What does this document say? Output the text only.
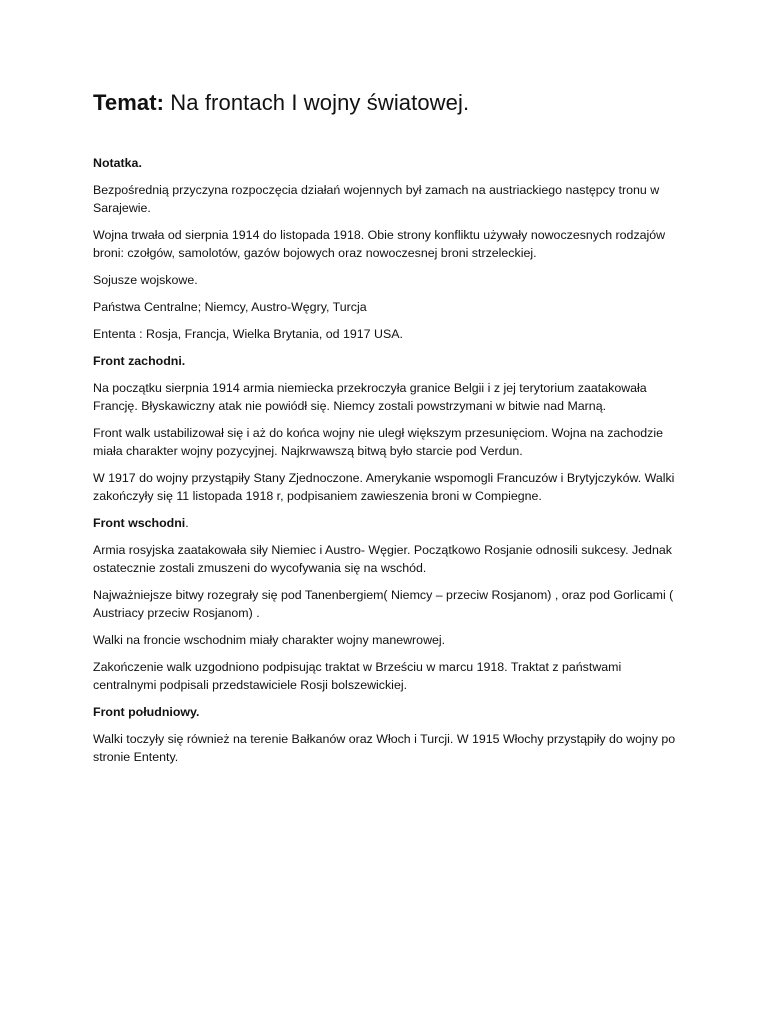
Temat: Na frontach I wojny światowej.

Notatka.

Bezpośrednią przyczyna rozpoczęcia działań wojennych był zamach na austriackiego następcy tronu w Sarajewie.

Wojna trwała od sierpnia 1914 do listopada 1918. Obie strony konfliktu używały nowoczesnych rodzajów broni: czołgów, samolotów, gazów bojowych oraz nowoczesnej broni strzeleckiej.

Sojusze wojskowe.

Państwa Centralne; Niemcy, Austro-Węgry, Turcja

Ententa : Rosja, Francja, Wielka Brytania, od 1917 USA.

Front zachodni.

Na początku sierpnia 1914 armia niemiecka przekroczyła granice Belgii i z jej terytorium zaatakowała Francję. Błyskawiczny atak nie powiódł się. Niemcy zostali powstrzymani w bitwie nad Marną.

Front walk ustabilizował się i aż do końca wojny nie uległ większym przesunięciom. Wojna na zachodzie miała charakter wojny pozycyjnej. Najkrwawszą bitwą było starcie pod Verdun.

W 1917 do wojny przystąpiły Stany Zjednoczone. Amerykanie wspomogli Francuzów i Brytyjczyków. Walki zakończyły się 11 listopada 1918 r, podpisaniem zawieszenia broni w Compiegne.

Front wschodni.

Armia rosyjska zaatakowała siły Niemiec i Austro- Węgier. Początkowo Rosjanie odnosili sukcesy. Jednak ostatecznie zostali zmuszeni do wycofywania się na wschód.

Najważniejsze bitwy rozegrały się pod Tanenbergiem( Niemcy – przeciw Rosjanom) , oraz pod Gorlicami ( Austriacy przeciw Rosjanom) .

Walki na froncie wschodnim miały charakter wojny manewrowej.

Zakończenie walk uzgodniono podpisując traktat w Brześciu w marcu 1918. Traktat z państwami centralnymi podpisali przedstawiciele Rosji bolszewickiej.

Front południowy.

Walki toczyły się również na terenie Bałkanów oraz Włoch i Turcji. W 1915 Włochy przystąpiły do wojny po stronie Ententy.
